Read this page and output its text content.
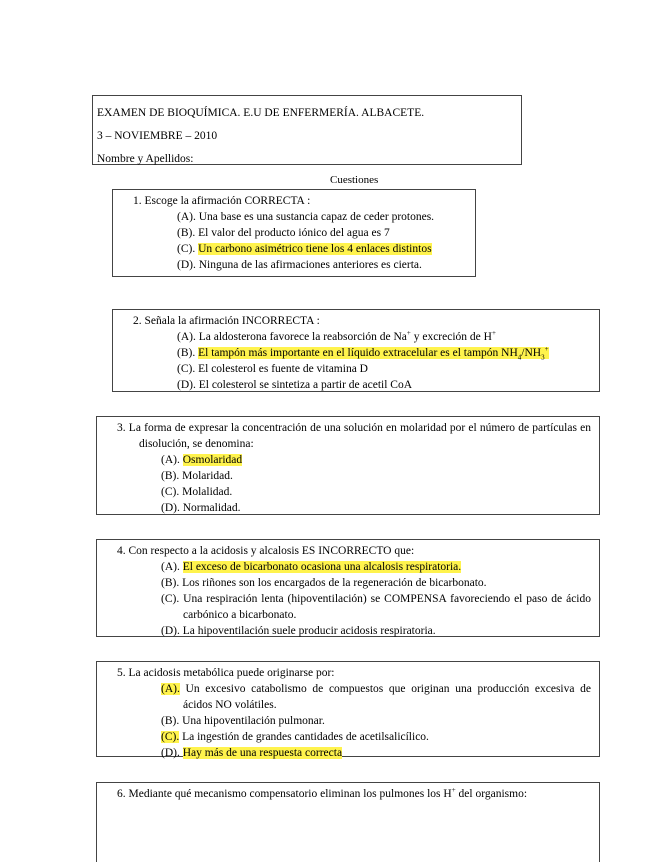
EXAMEN DE BIOQUÍMICA. E.U DE ENFERMERÍA. ALBACETE.
3 – NOVIEMBRE – 2010
Nombre y Apellidos:
Cuestiones
1. Escoge la afirmación CORRECTA :
(A). Una base es una sustancia capaz de ceder protones.
(B). El valor del producto iónico del agua es 7
(C). Un carbono asimétrico tiene los 4 enlaces distintos
(D). Ninguna de las afirmaciones anteriores es cierta.
2. Señala la afirmación INCORRECTA :
(A). La aldosterona favorece la reabsorción de Na+ y excreción de H+
(B). El tampón más importante en el líquido extracelular es el tampón $NH_4/NH_3^+$
(C). El colesterol es fuente de vitamina D
(D). El colesterol se sintetiza a partir de acetil CoA
3. La forma de expresar la concentración de una solución en molaridad por el número de partículas en disolución, se denomina:
(A). Osmolaridad
(B). Molaridad.
(C). Molalidad.
(D). Normalidad.
4. Con respecto a la acidosis y alcalosis ES INCORRECTO que:
(A). El exceso de bicarbonato ocasiona una alcalosis respiratoria.
(B). Los riñones son los encargados de la regeneración de bicarbonato.
(C). Una respiración lenta (hipoventilación) se COMPENSA favoreciendo el paso de ácido carbónico a bicarbonato.
(D). La hipoventilación suele producir acidosis respiratoria.
5. La acidosis metabólica puede originarse por:
(A). Un excesivo catabolismo de compuestos que originan una producción excesiva de ácidos NO volátiles.
(B). Una hipoventilación pulmonar.
(C). La ingestión de grandes cantidades de acetilsalicílico.
(D). Hay más de una respuesta correcta
6. Mediante qué mecanismo compensatorio eliminan los pulmones los H+ del organismo:
